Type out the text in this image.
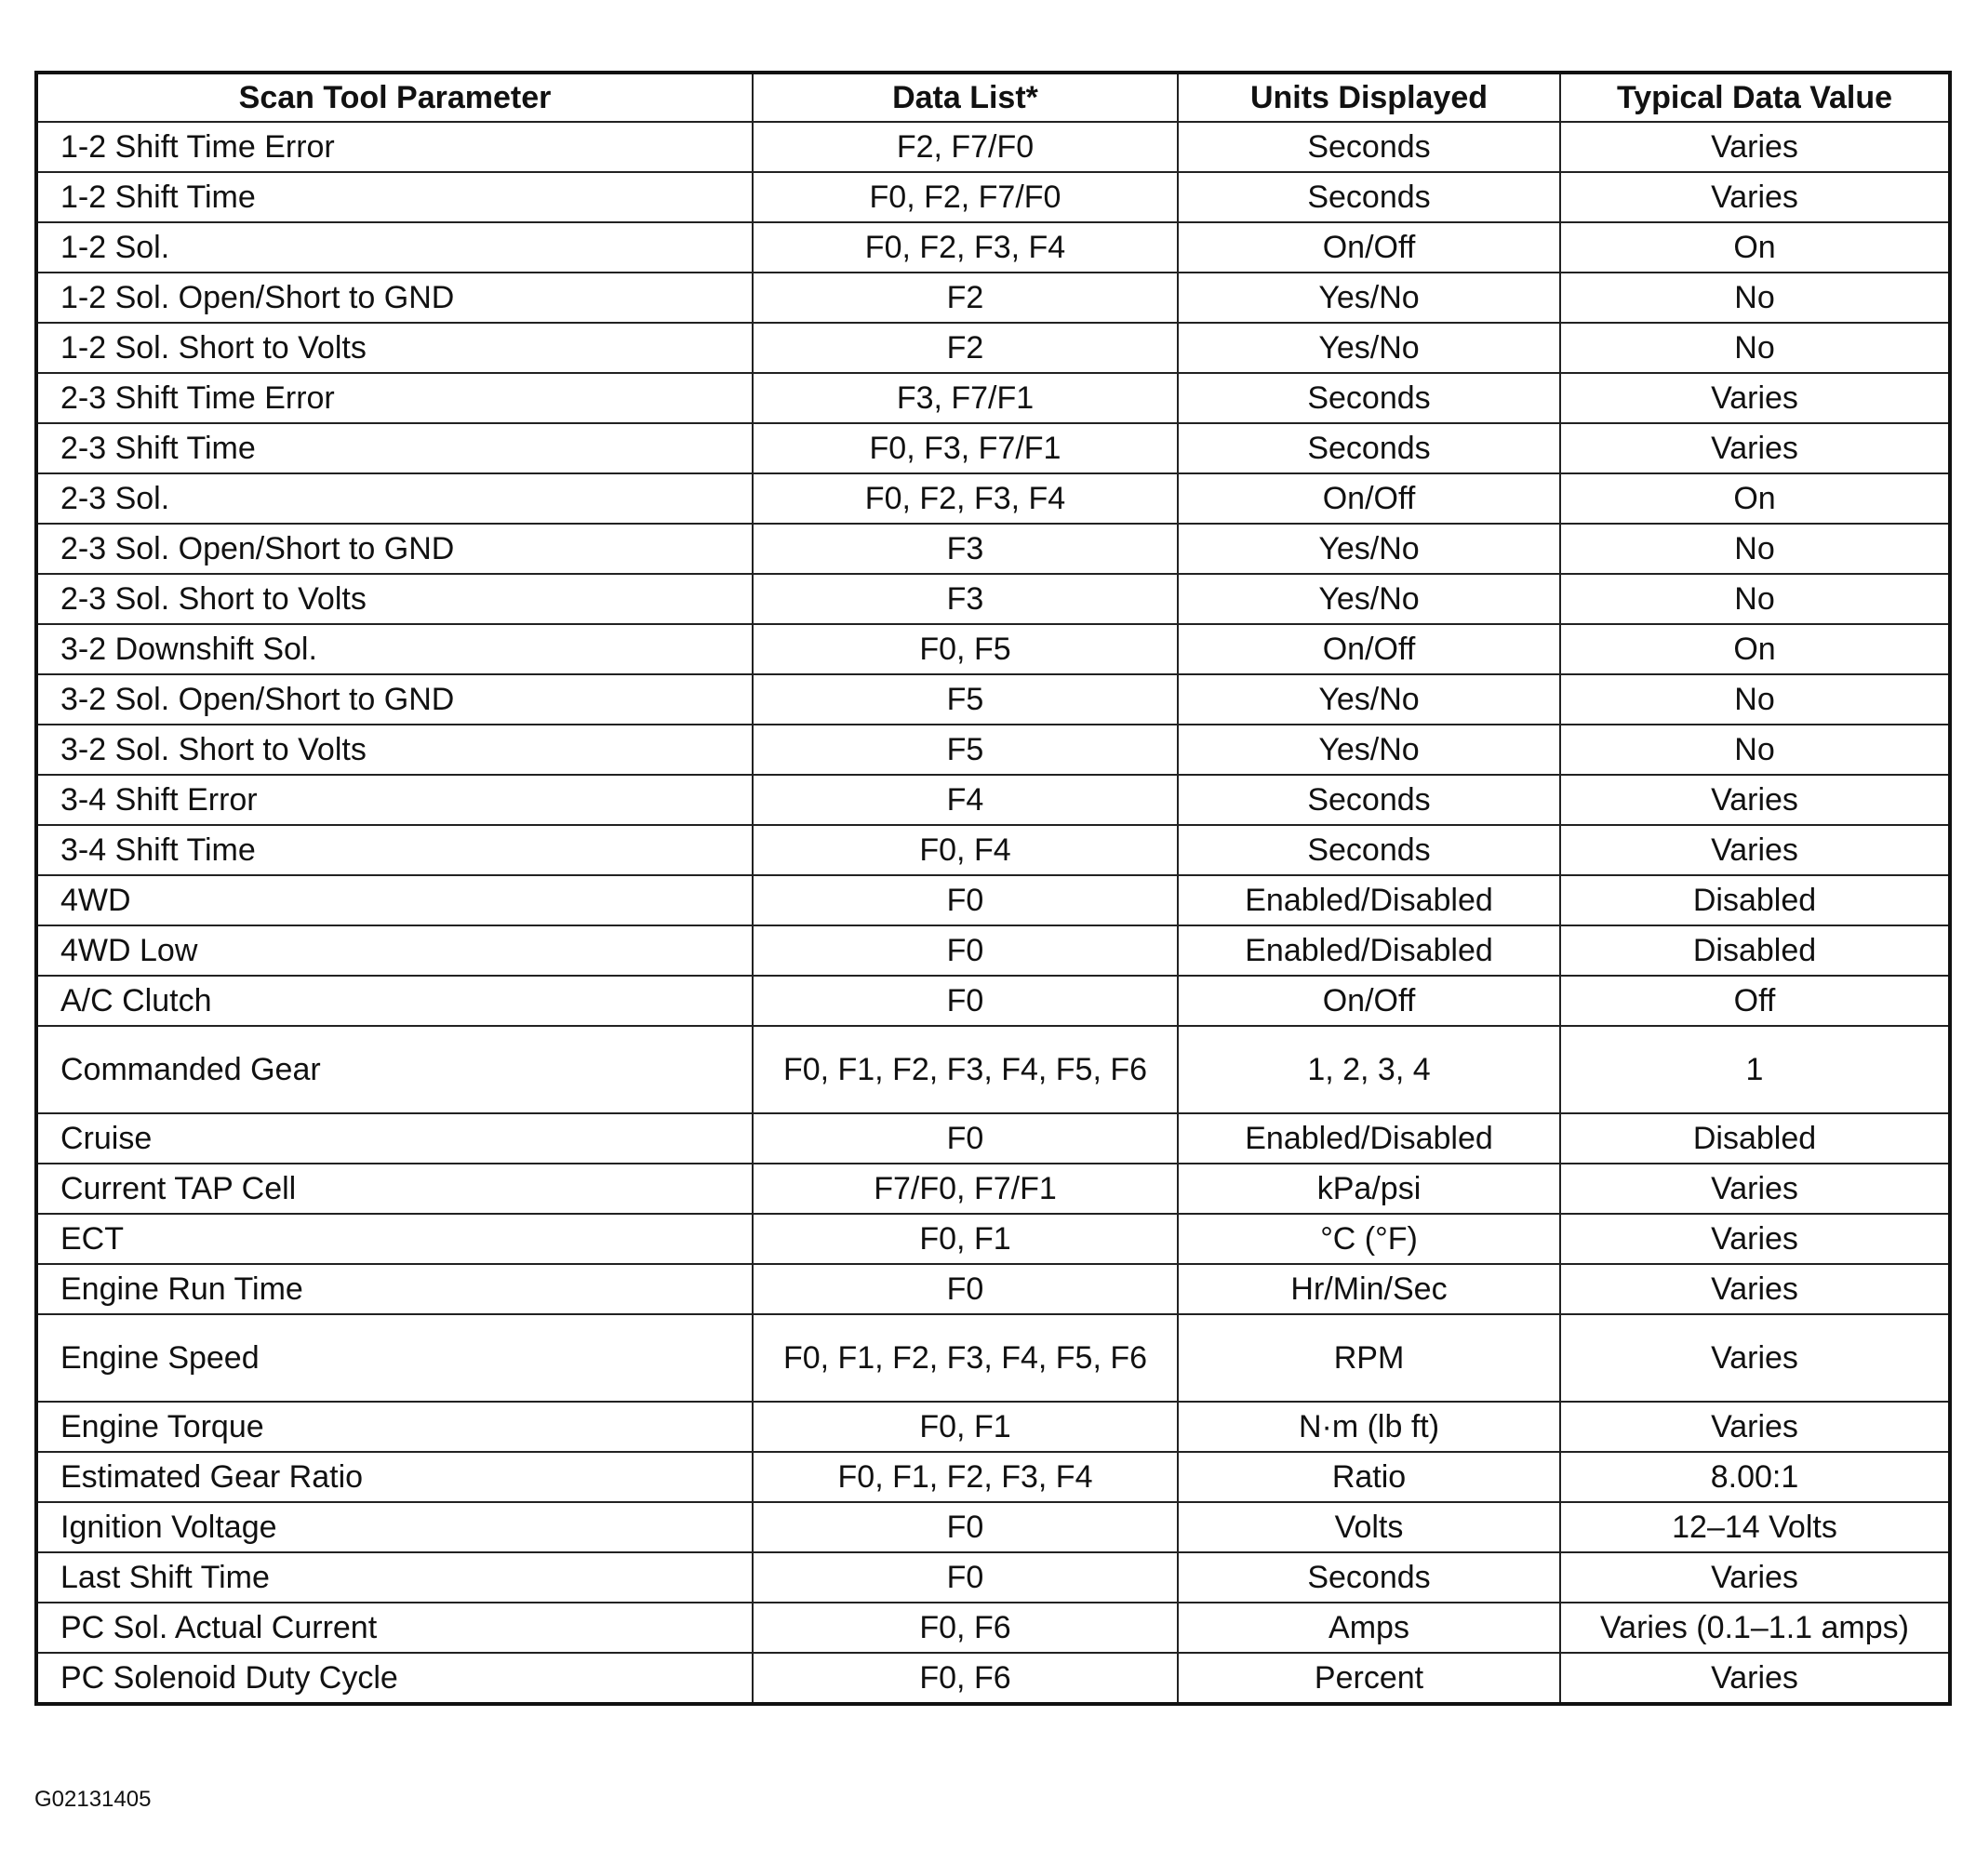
Scan Tool Parameter	Data List*	Units Displayed	Typical Data Value
1-2 Shift Time Error	F2, F7/F0	Seconds	Varies
1-2 Shift Time	F0, F2, F7/F0	Seconds	Varies
1-2 Sol.	F0, F2, F3, F4	On/Off	On
1-2 Sol. Open/Short to GND	F2	Yes/No	No
1-2 Sol. Short to Volts	F2	Yes/No	No
2-3 Shift Time Error	F3, F7/F1	Seconds	Varies
2-3 Shift Time	F0, F3, F7/F1	Seconds	Varies
2-3 Sol.	F0, F2, F3, F4	On/Off	On
2-3 Sol. Open/Short to GND	F3	Yes/No	No
2-3 Sol. Short to Volts	F3	Yes/No	No
3-2 Downshift Sol.	F0, F5	On/Off	On
3-2 Sol. Open/Short to GND	F5	Yes/No	No
3-2 Sol. Short to Volts	F5	Yes/No	No
3-4 Shift Error	F4	Seconds	Varies
3-4 Shift Time	F0, F4	Seconds	Varies
4WD	F0	Enabled/Disabled	Disabled
4WD Low	F0	Enabled/Disabled	Disabled
A/C Clutch	F0	On/Off	Off
Commanded Gear	F0, F1, F2, F3, F4, F5, F6	1, 2, 3, 4	1
Cruise	F0	Enabled/Disabled	Disabled
Current TAP Cell	F7/F0, F7/F1	kPa/psi	Varies
ECT	F0, F1	°C (°F)	Varies
Engine Run Time	F0	Hr/Min/Sec	Varies
Engine Speed	F0, F1, F2, F3, F4, F5, F6	RPM	Varies
Engine Torque	F0, F1	N·m (lb ft)	Varies
Estimated Gear Ratio	F0, F1, F2, F3, F4	Ratio	8.00:1
Ignition Voltage	F0	Volts	12–14 Volts
Last Shift Time	F0	Seconds	Varies
PC Sol. Actual Current	F0, F6	Amps	Varies (0.1–1.1 amps)
PC Solenoid Duty Cycle	F0, F6	Percent	Varies
G02131405
